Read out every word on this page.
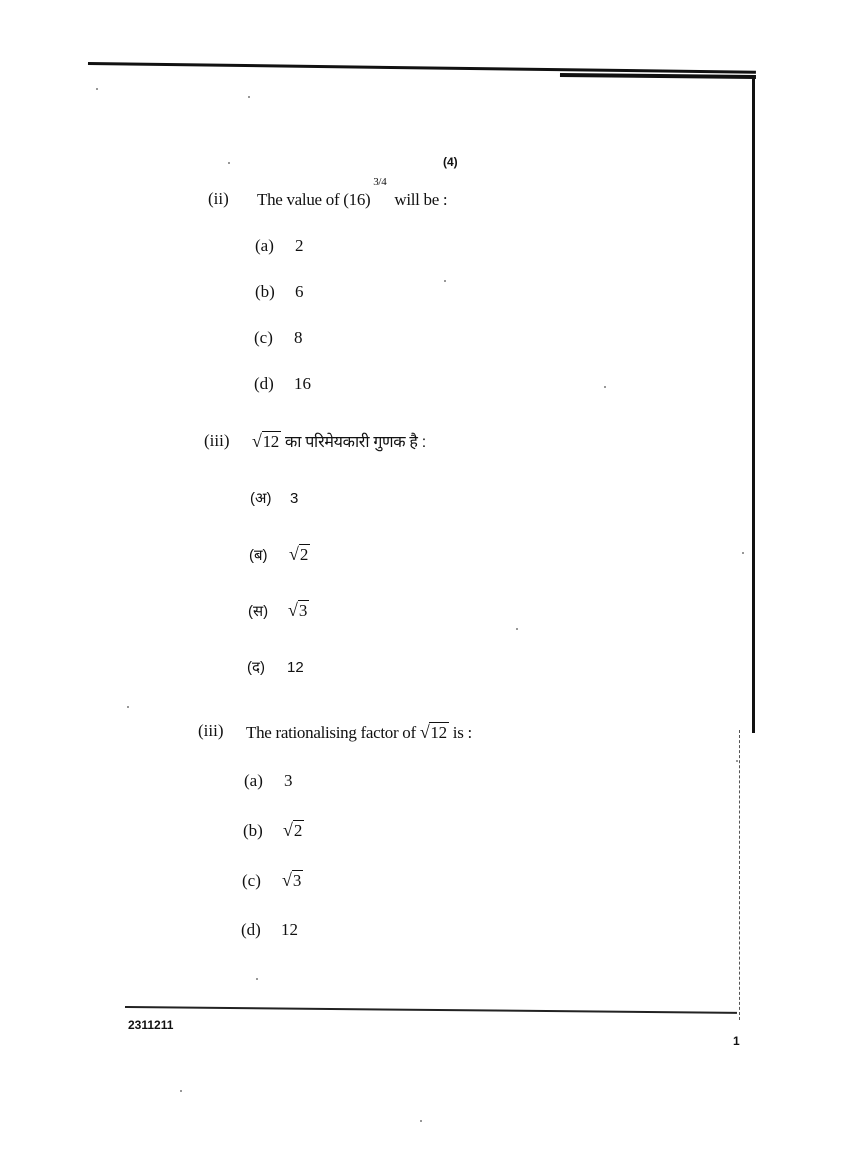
(4)
(ii) The value of (16)
3/4
will be :
(a) 2
(b) 6
(c) 8
(d) 16
(iii) √12 का परिमेयकारी गुणक है :
(अ) 3
(ब) √2
(स) √3
(द) 12
(iii) The rationalising factor of √12 is :
(a) 3
(b) √2
(c) √3
(d) 12
2311211
1
